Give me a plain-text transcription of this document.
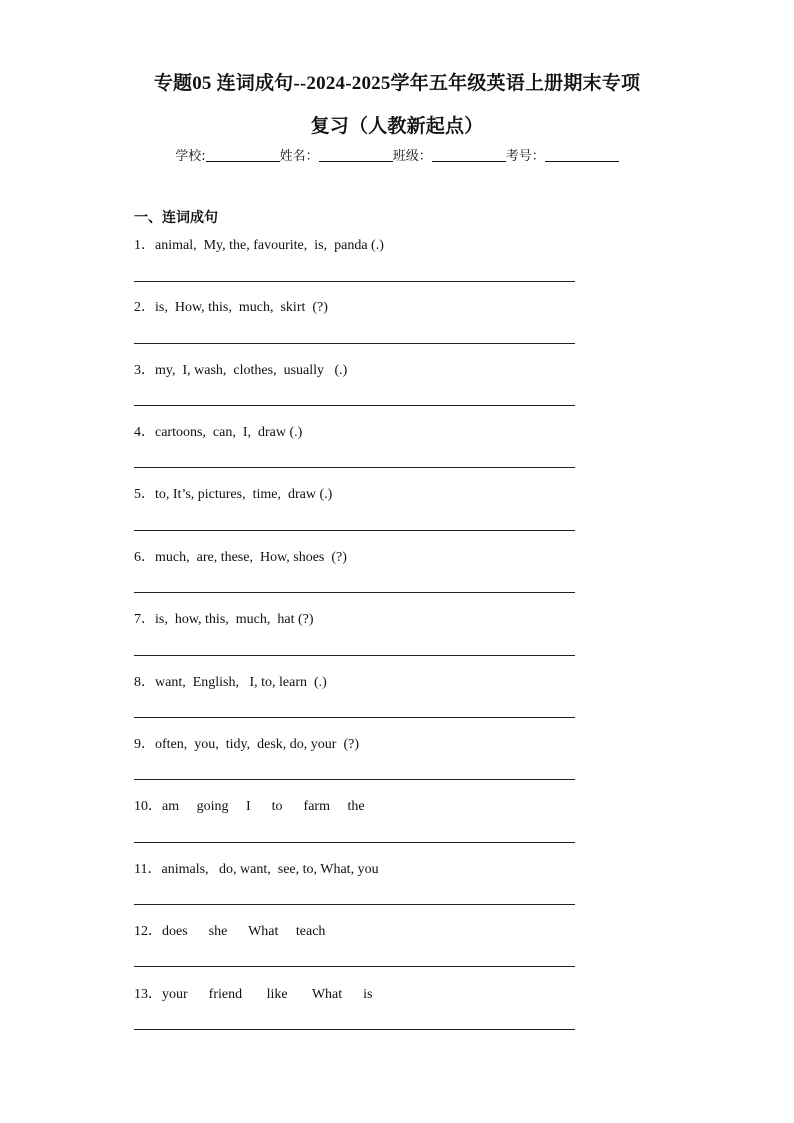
专题05 连词成句--2024-2025学年五年级英语上册期末专项
复习（人教新起点）
学校:	姓名：	班级：	考号：
一、连词成句
1．animal,  My, the, favourite,  is,  panda (.)
2．is,  How, this,  much,  skirt  (?)
3．my,  I, wash,  clothes,  usually   (.)
4．cartoons,  can,  I,  draw (.)
5．to, It’s, pictures,  time,  draw (.)
6．much,  are, these,  How, shoes  (?)
7．is,  how, this,  much,  hat (?)
8．want,  English,   I, to, learn  (.)
9．often,  you,  tidy,  desk, do, your  (?)
10．am     going     I      to      farm     the
11．animals,   do, want,  see, to, What, you
12．does      she      What     teach
13．your      friend       like       What      is
